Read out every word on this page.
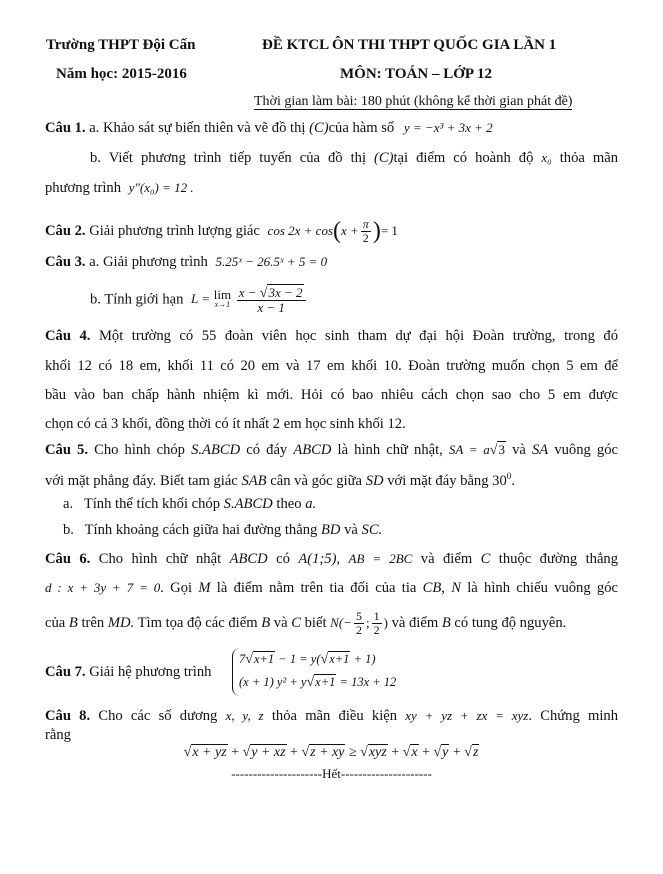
Trường THPT Đội Cấn	ĐỀ KTCL ÔN THI THPT QUỐC GIA LẦN 1
Năm học: 2015-2016	MÔN: TOÁN – LỚP 12
Thời gian làm bài: 180 phút (không kể thời gian phát đề)
Câu 1. a. Khảo sát sự biến thiên và vẽ đồ thị (C)của hàm số y = −x³ + 3x + 2
b. Viết phương trình tiếp tuyến của đồ thị (C)tại điểm có hoành độ x₀ thỏa mãn
phương trình y"(x₀) = 12 .
Câu 2. Giải phương trình lượng giác $\cos 2x + \cos(x + \frac{\pi}{2}$ )= 1
Câu 3. a. Giải phương trình 5.25ˣ − 26.5ˣ + 5 = 0
b. Tính giới hạn L = lim
x→1
$\frac{x - √3x - 2}{x - 1}$
Câu 4. Một trường có 55 đoàn viên học sinh tham dự đại hội Đoàn trường, trong đó
khối 12 có 18 em, khối 11 có 20 em và 17 em khối 10. Đoàn trường muốn chọn 5 em để
bầu vào ban chấp hành nhiệm kì mới. Hỏi có bao nhiêu cách chọn sao cho 5 em được
chọn có cả 3 khối, đồng thời có ít nhất 2 em học sinh khối 12.
Câu 5. Cho hình chóp S.ABCD có đáy ABCD là hình chữ nhật, SA = a√3 và SA vuông góc
với mặt phẳng đáy. Biết tam giác SAB cân và góc giữa SD với mặt đáy bằng $30^0$.
a. Tính thể tích khối chóp S.ABCD theo a.
b. Tính khoảng cách giữa hai đường thẳng BD và SC.
Câu 6. Cho hình chữ nhật ABCD có A(1;5), AB = 2BC và điểm C thuộc đường thẳng
d : x + 3y + 7 = 0. Gọi M là điểm nằm trên tia đối của tia CB, N là hình chiếu vuông góc
của B trên MD. Tìm tọa độ các điểm B và C biết $N(- \frac{5}{2}$ ; $\frac{1}{2}$ ) và điểm B có tung độ nguyên.
Câu 7. Giải hệ phương trình
7√x+1 − 1 = y(√x+1 + 1)
(x + 1) y² + y√x+1 = 13x + 12
Câu 8. Cho các số dương x, y, z thỏa mãn điều kiện xy + yz + zx = xyz. Chứng minh
rằng
√x + yz + √y + xz + √z + xy ≥ √xyz + √x + √y + √z
---------------------Hết---------------------
